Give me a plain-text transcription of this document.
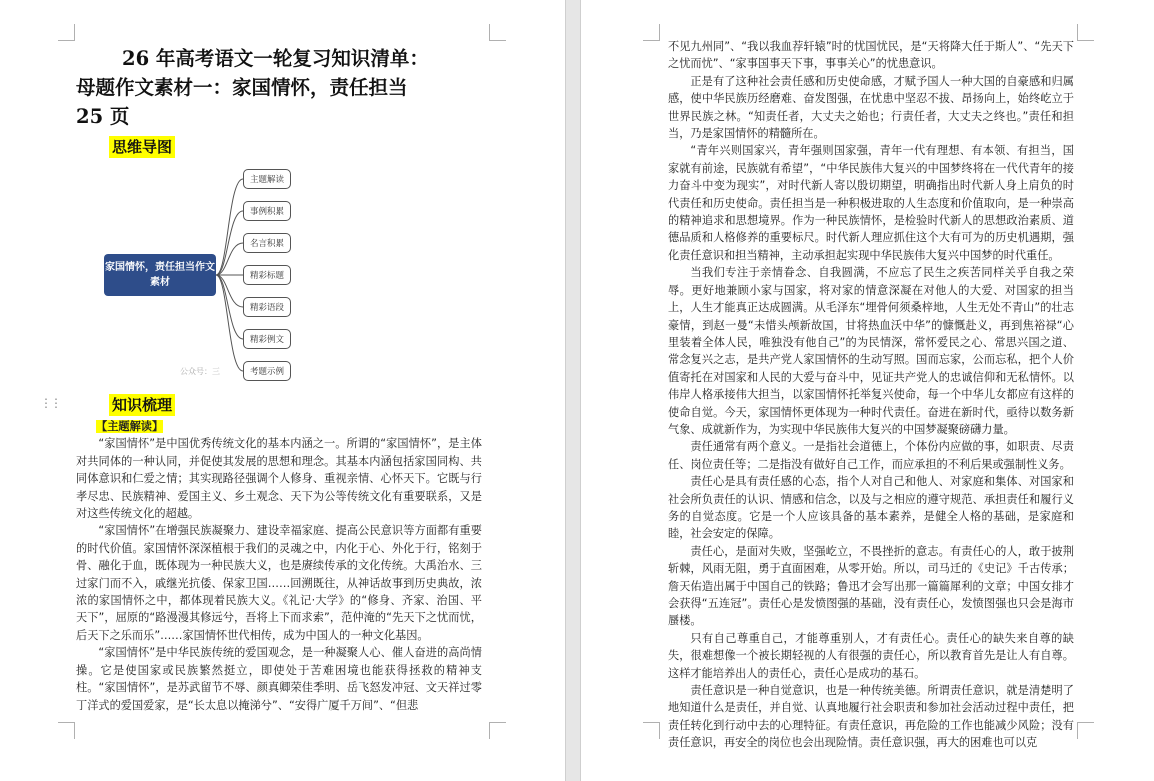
26 年高考语文一轮复习知识清单：
母题作文素材一：家国情怀，责任担当
25 页
思维导图
家国情怀，责任担当作文素材
主题解读
事例积累
名言积累
精彩标题
精彩语段
精彩例文
考题示例
公众号：三
⋮⋮	知识梳理

【主题解读】

“家国情怀”是中国优秀传统文化的基本内涵之一。所谓的“家国情怀”，是主体对共同体的一种认同，并促使其发展的思想和理念。其基本内涵包括家国同构、共同体意识和仁爱之情；其实现路径强调个人修身、重视亲情、心怀天下。它既与行孝尽忠、民族精神、爱国主义、乡土观念、天下为公等传统文化有重要联系，又是对这些传统文化的超越。

“家国情怀”在增强民族凝聚力、建设幸福家庭、提高公民意识等方面都有重要的时代价值。家国情怀深深植根于我们的灵魂之中，内化于心、外化于行，铭刻于骨、融化于血，既体现为一种民族大义，也是赓续传承的文化传统。大禹治水、三过家门而不入，戚继光抗倭、保家卫国……回溯既往，从神话故事到历史典故，浓浓的家国情怀之中，都体现着民族大义。《礼记·大学》的“修身、齐家、治国、平天下”，屈原的“路漫漫其修远兮，吾将上下而求索”，范仲淹的“先天下之忧而忧，后天下之乐而乐”……家国情怀世代相传，成为中国人的一种文化基因。

“家国情怀”是中华民族传统的爱国观念，是一种凝聚人心、催人奋进的高尚情操。它是使国家或民族繁然挺立，即使处于苦难困境也能获得拯救的精神支柱。“家国情怀”，是苏武留节不辱、颜真卿荣佳季明、岳飞怒发冲冠、文天祥过零丁洋式的爱国爱家，是“长太息以掩涕兮”、“安得广厦千万间”、“但悲

不见九州同”、“我以我血荐轩辕”时的忧国忧民，是“天将降大任于斯人”、“先天下之忧而忧”、“家事国事天下事，事事关心”的忧患意识。

正是有了这种社会责任感和历史使命感，才赋予国人一种大国的自豪感和归属感，使中华民族历经磨难、奋发图强，在忧患中坚忍不拔、昂扬向上，始终屹立于世界民族之林。“知责任者，大丈夫之始也；行责任者，大丈夫之终也。”责任和担当，乃是家国情怀的精髓所在。

“青年兴则国家兴，青年强则国家强，青年一代有理想、有本领、有担当，国家就有前途，民族就有希望”，“中华民族伟大复兴的中国梦终将在一代代青年的接力奋斗中变为现实”，对时代新人寄以殷切期望，明确指出时代新人身上肩负的时代责任和历史使命。责任担当是一种积极进取的人生态度和价值取向，是一种崇高的精神追求和思想境界。作为一种民族情怀，是检验时代新人的思想政治素质、道德品质和人格修养的重要标尺。时代新人理应抓住这个大有可为的历史机遇期，强化责任意识和担当精神，主动承担起实现中华民族伟大复兴中国梦的时代重任。

当我们专注于亲情眷念、自我圆满，不应忘了民生之疾苦同样关乎自我之荣辱。更好地兼顾小家与国家，将对家的情意深凝在对他人的大爱、对国家的担当上，人生才能真正达成圆满。从毛泽东“埋骨何须桑梓地，人生无处不青山”的壮志豪情，到赵一曼“未惜头颅新故国，甘将热血沃中华”的慷慨赴义，再到焦裕禄“心里装着全体人民，唯独没有他自己”的为民情深，常怀爱民之心、常思兴国之道、常念复兴之志，是共产党人家国情怀的生动写照。国而忘家，公而忘私，把个人价值寄托在对国家和人民的大爱与奋斗中，见证共产党人的忠诚信仰和无私情怀。以伟岸人格承接伟大担当，以家国情怀托举复兴使命，每一个中华儿女都应有这样的使命自觉。今天，家国情怀更体现为一种时代责任。奋进在新时代，亟待以数务新气象、成就新作为，为实现中华民族伟大复兴的中国梦凝聚磅礴力量。

责任通常有两个意义。一是指社会道德上，个体份内应做的事，如职责、尽责任、岗位责任等；二是指没有做好自己工作，而应承担的不利后果或强制性义务。

责任心是具有责任感的心态，指个人对自己和他人、对家庭和集体、对国家和社会所负责任的认识、情感和信念，以及与之相应的遵守规范、承担责任和履行义务的自觉态度。它是一个人应该具备的基本素养，是健全人格的基础，是家庭和睦，社会安定的保障。

责任心，是面对失败，坚强屹立，不畏挫折的意志。有责任心的人，敢于披荆斩棘，风雨无阻，勇于直面困难，从零开始。所以，司马迁的《史记》千古传承；詹天佑造出属于中国自己的铁路；鲁迅才会写出那一篇篇犀利的文章；中国女排才会获得“五连冠”。责任心是发愤图强的基础，没有责任心，发愤图强也只会是海市蜃楼。

只有自己尊重自己，才能尊重别人，才有责任心。责任心的缺失来自尊的缺失，很难想像一个被长期轻视的人有很强的责任心，所以教育首先是让人有自尊。这样才能培养出人的责任心，责任心是成功的基石。

责任意识是一种自觉意识，也是一种传统美德。所谓责任意识，就是清楚明了地知道什么是责任，并自觉、认真地履行社会职责和参加社会活动过程中责任，把责任转化到行动中去的心理特征。有责任意识，再危险的工作也能减少风险；没有责任意识，再安全的岗位也会出现险情。责任意识强，再大的困难也可以克
